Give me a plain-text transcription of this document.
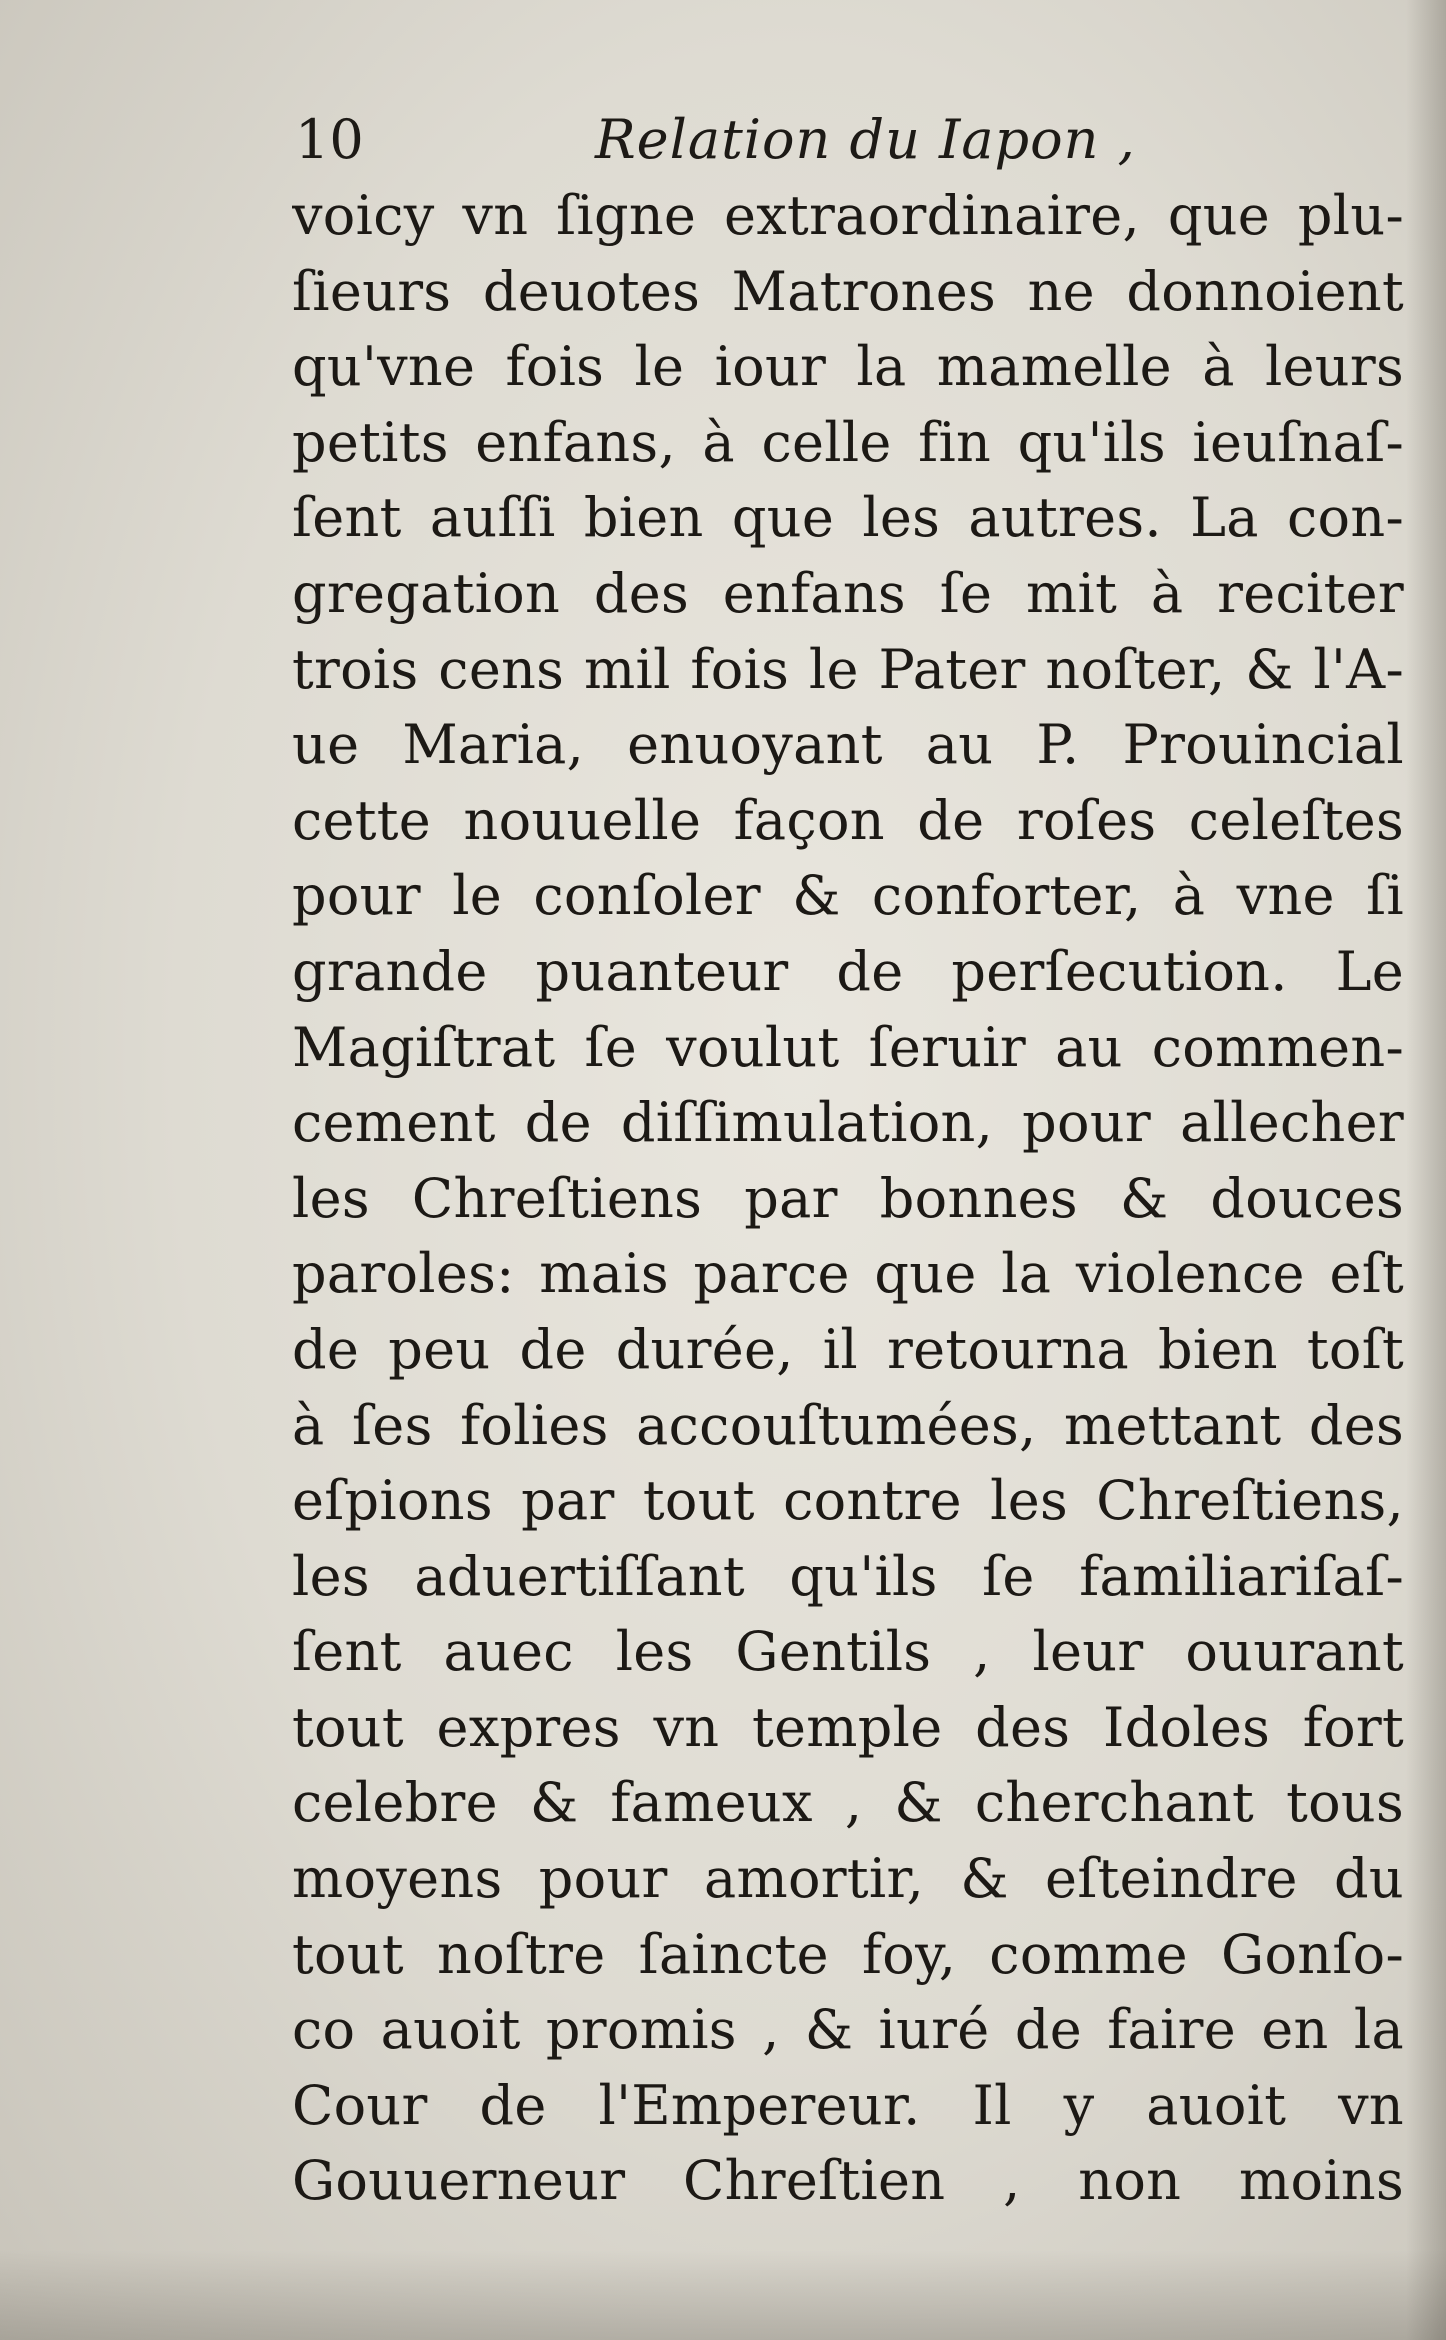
10	Relation du Iapon ,
voicy vn ſigne extraordinaire, que plu-
ſieurs deuotes Matrones ne donnoient
qu'vne fois le iour la mamelle à leurs
petits enfans, à celle fin qu'ils ieuſnaſ-
ſent auſſi bien que les autres. La con-
gregation des enfans ſe mit à reciter
trois cens mil fois le Pater noſter, & l'A-
ue Maria, enuoyant au P. Prouincial
cette nouuelle façon de roſes celeſtes
pour le conſoler & conforter, à vne ſi
grande puanteur de perſecution. Le
Magiſtrat ſe voulut ſeruir au commen-
cement de diſſimulation, pour allecher
les Chreſtiens par bonnes & douces
paroles: mais parce que la violence eſt
de peu de durée, il retourna bien toſt
à ſes folies accouſtumées, mettant des
eſpions par tout contre les Chreſtiens,
les aduertiſſant qu'ils ſe familiariſaſ-
ſent auec les Gentils , leur ouurant
tout expres vn temple des Idoles fort
celebre & fameux , & cherchant tous
moyens pour amortir, & eſteindre du
tout noſtre ſaincte foy, comme Gonſo-
co auoit promis , & iuré de faire en la
Cour de l'Empereur. Il y auoit vn
Gouuerneur Chreſtien , non moins
